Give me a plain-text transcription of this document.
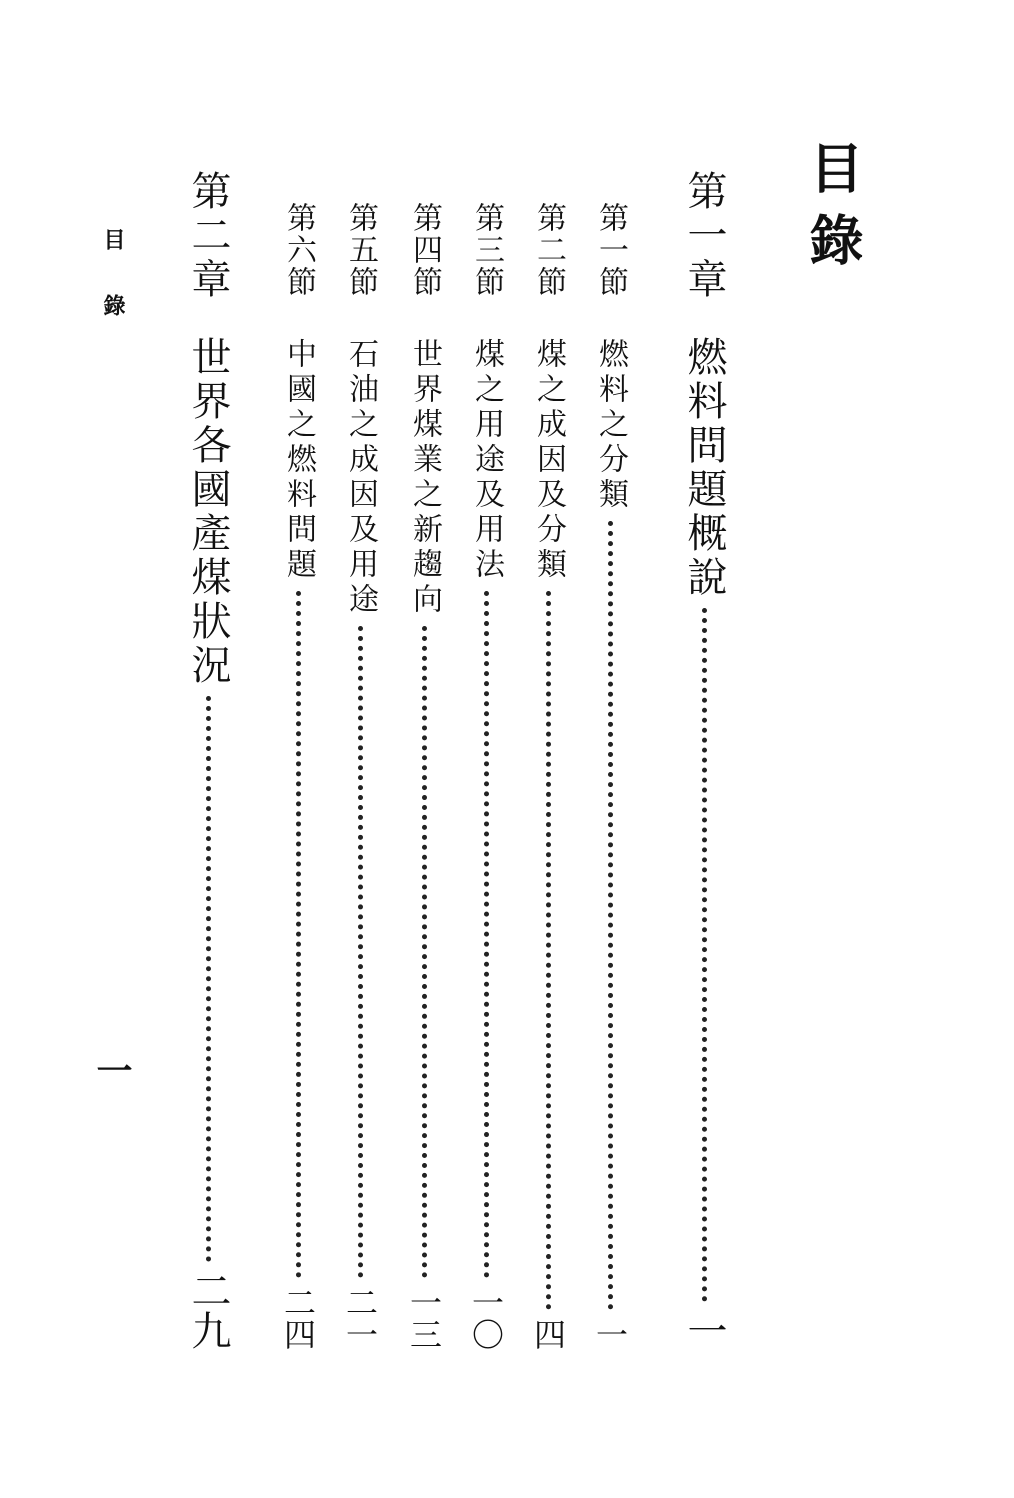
目錄
第一章
燃料問題概說
一
第一節
燃料之分類
一
第二節
煤之成因及分類
四
第三節
煤之用途及用法
一〇
第四節
世界煤業之新趨向
一三
第五節
石油之成因及用途
二一
第六節
中國之燃料問題
二四
第二章
世界各國產煤狀況
二九
目錄
一
